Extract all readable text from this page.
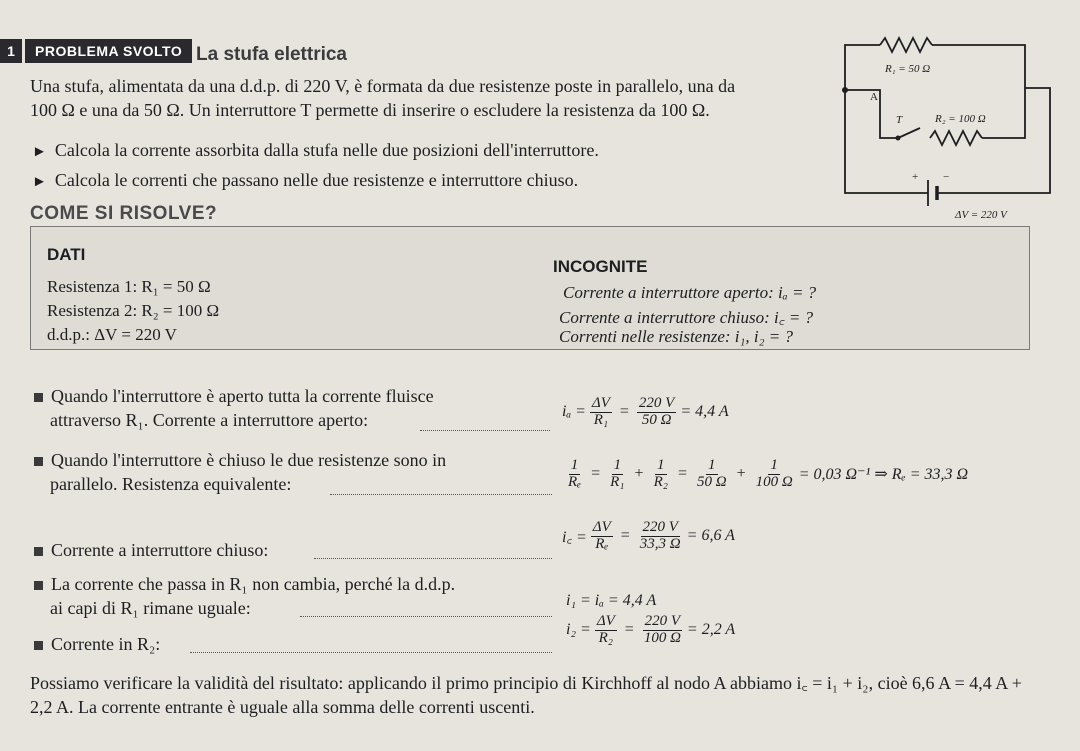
1	PROBLEMA SVOLTO La stufa elettrica
Una stufa, alimentata da una d.d.p. di 220 V, è formata da due resistenze poste in parallelo, una da
100 Ω e una da 50 Ω. Un interruttore T permette di inserire o escludere la resistenza da 100 Ω.
► Calcola la corrente assorbita dalla stufa nelle due posizioni dell'interruttore.
► Calcola le correnti che passano nelle due resistenze e interruttore chiuso.
COME SI RISOLVE?
R₁ = 50 Ω
A
T	R₂ = 100 Ω
+ −
ΔV = 220 V
DATI
Resistenza 1: R₁ = 50 Ω
Resistenza 2: R₂ = 100 Ω
d.d.p.: ΔV = 220 V
INCOGNITE
Corrente a interruttore aperto: iₐ = ?
Corrente a interruttore chiuso: i꜀ = ?
Correnti nelle resistenze: i₁, i₂ = ?
Quando l'interruttore è aperto tutta la corrente fluisce
attraverso R₁. Corrente a interruttore aperto:	$i_a = \frac{\Delta V}{\text{R₁}} = \frac{220 V}{50 \Omega} = 4,4$ A
Quando l'interruttore è chiuso le due resistenze sono in
parallelo. Resistenza equivalente:	$\frac{1}{\text{Rₑ}} = \frac{1}{\text{R₁}} + \frac{1}{\text{R₂}} = \frac{1}{50 \Omega} + \frac{1}{100 \Omega} = 0,03$ Ω⁻¹ ⇒ Rₑ = 33,3 Ω
Corrente a interruttore chiuso:
i꜀ = $\frac{\Delta V}{\text{Rₑ}} = \frac{220 V}{33,3 \Omega} = 6,6$ A
La corrente che passa in R₁ non cambia, perché la d.d.p.
ai capi di R₁ rimane uguale:	i₁ = iₐ = 4,4 A
Corrente in R₂:
$i_2 = \frac{\Delta V}{\text{R₂}} = \frac{220 V}{100 \Omega} = 2,2$ A
Possiamo verificare la validità del risultato: applicando il primo principio di Kirchhoff al nodo A abbiamo i꜀ = i₁ + i₂, cioè 6,6 A = 4,4 A + 2,2 A. La corrente entrante è uguale alla somma delle correnti uscenti.
